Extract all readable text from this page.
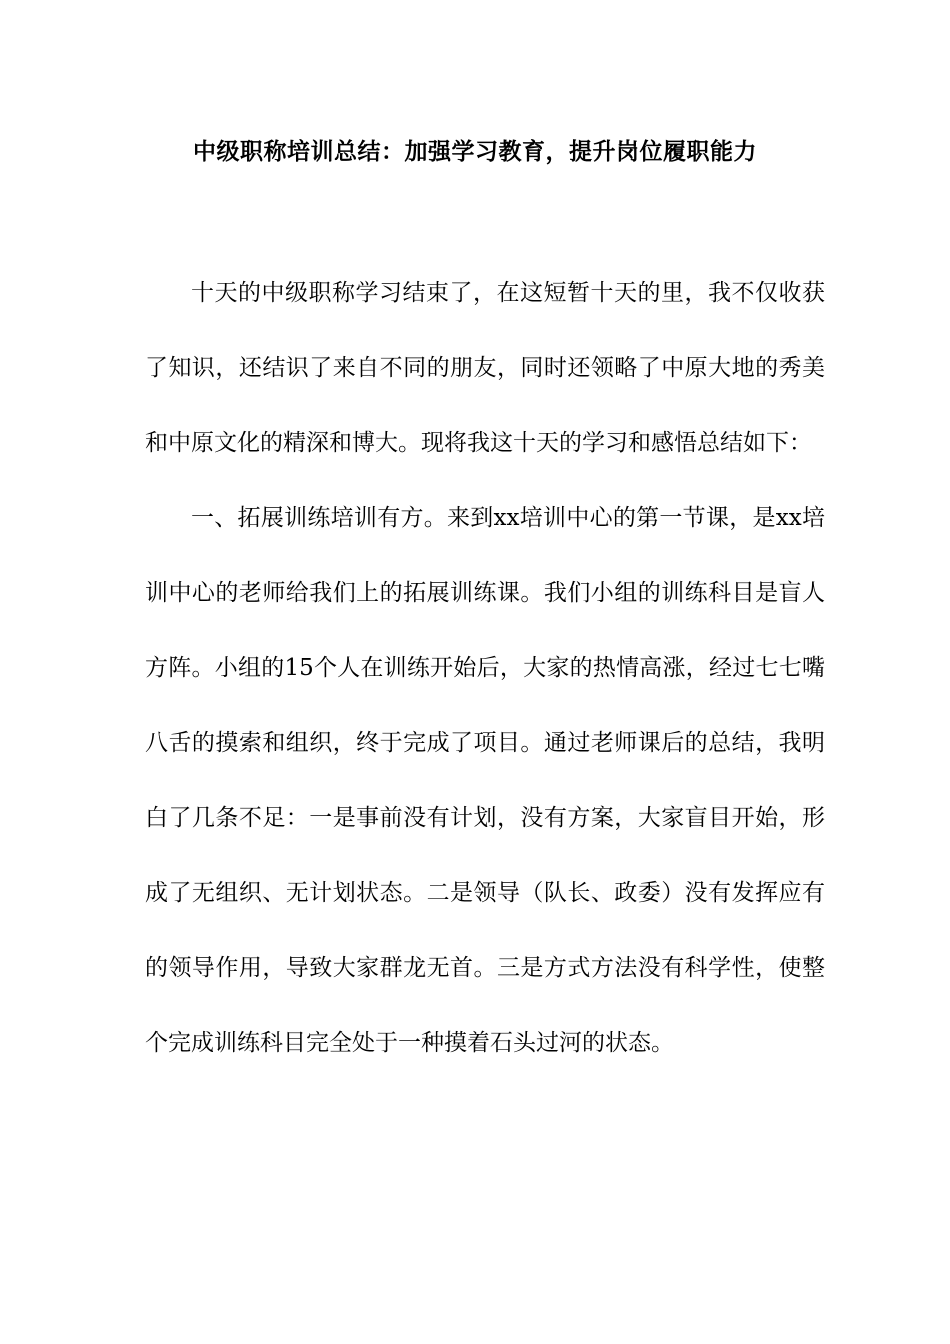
中级职称培训总结：加强学习教育，提升岗位履职能力

十天的中级职称学习结束了，在这短暂十天的里，我不仅收获了知识，还结识了来自不同的朋友，同时还领略了中原大地的秀美和中原文化的精深和博大。现将我这十天的学习和感悟总结如下：

一、拓展训练培训有方。来到xx培训中心的第一节课，是xx培训中心的老师给我们上的拓展训练课。我们小组的训练科目是盲人方阵。小组的15个人在训练开始后，大家的热情高涨，经过七七嘴八舌的摸索和组织，终于完成了项目。通过老师课后的总结，我明白了几条不足：一是事前没有计划，没有方案，大家盲目开始，形成了无组织、无计划状态。二是领导（队长、政委）没有发挥应有的领导作用，导致大家群龙无首。三是方式方法没有科学性，使整个完成训练科目完全处于一种摸着石头过河的状态。
